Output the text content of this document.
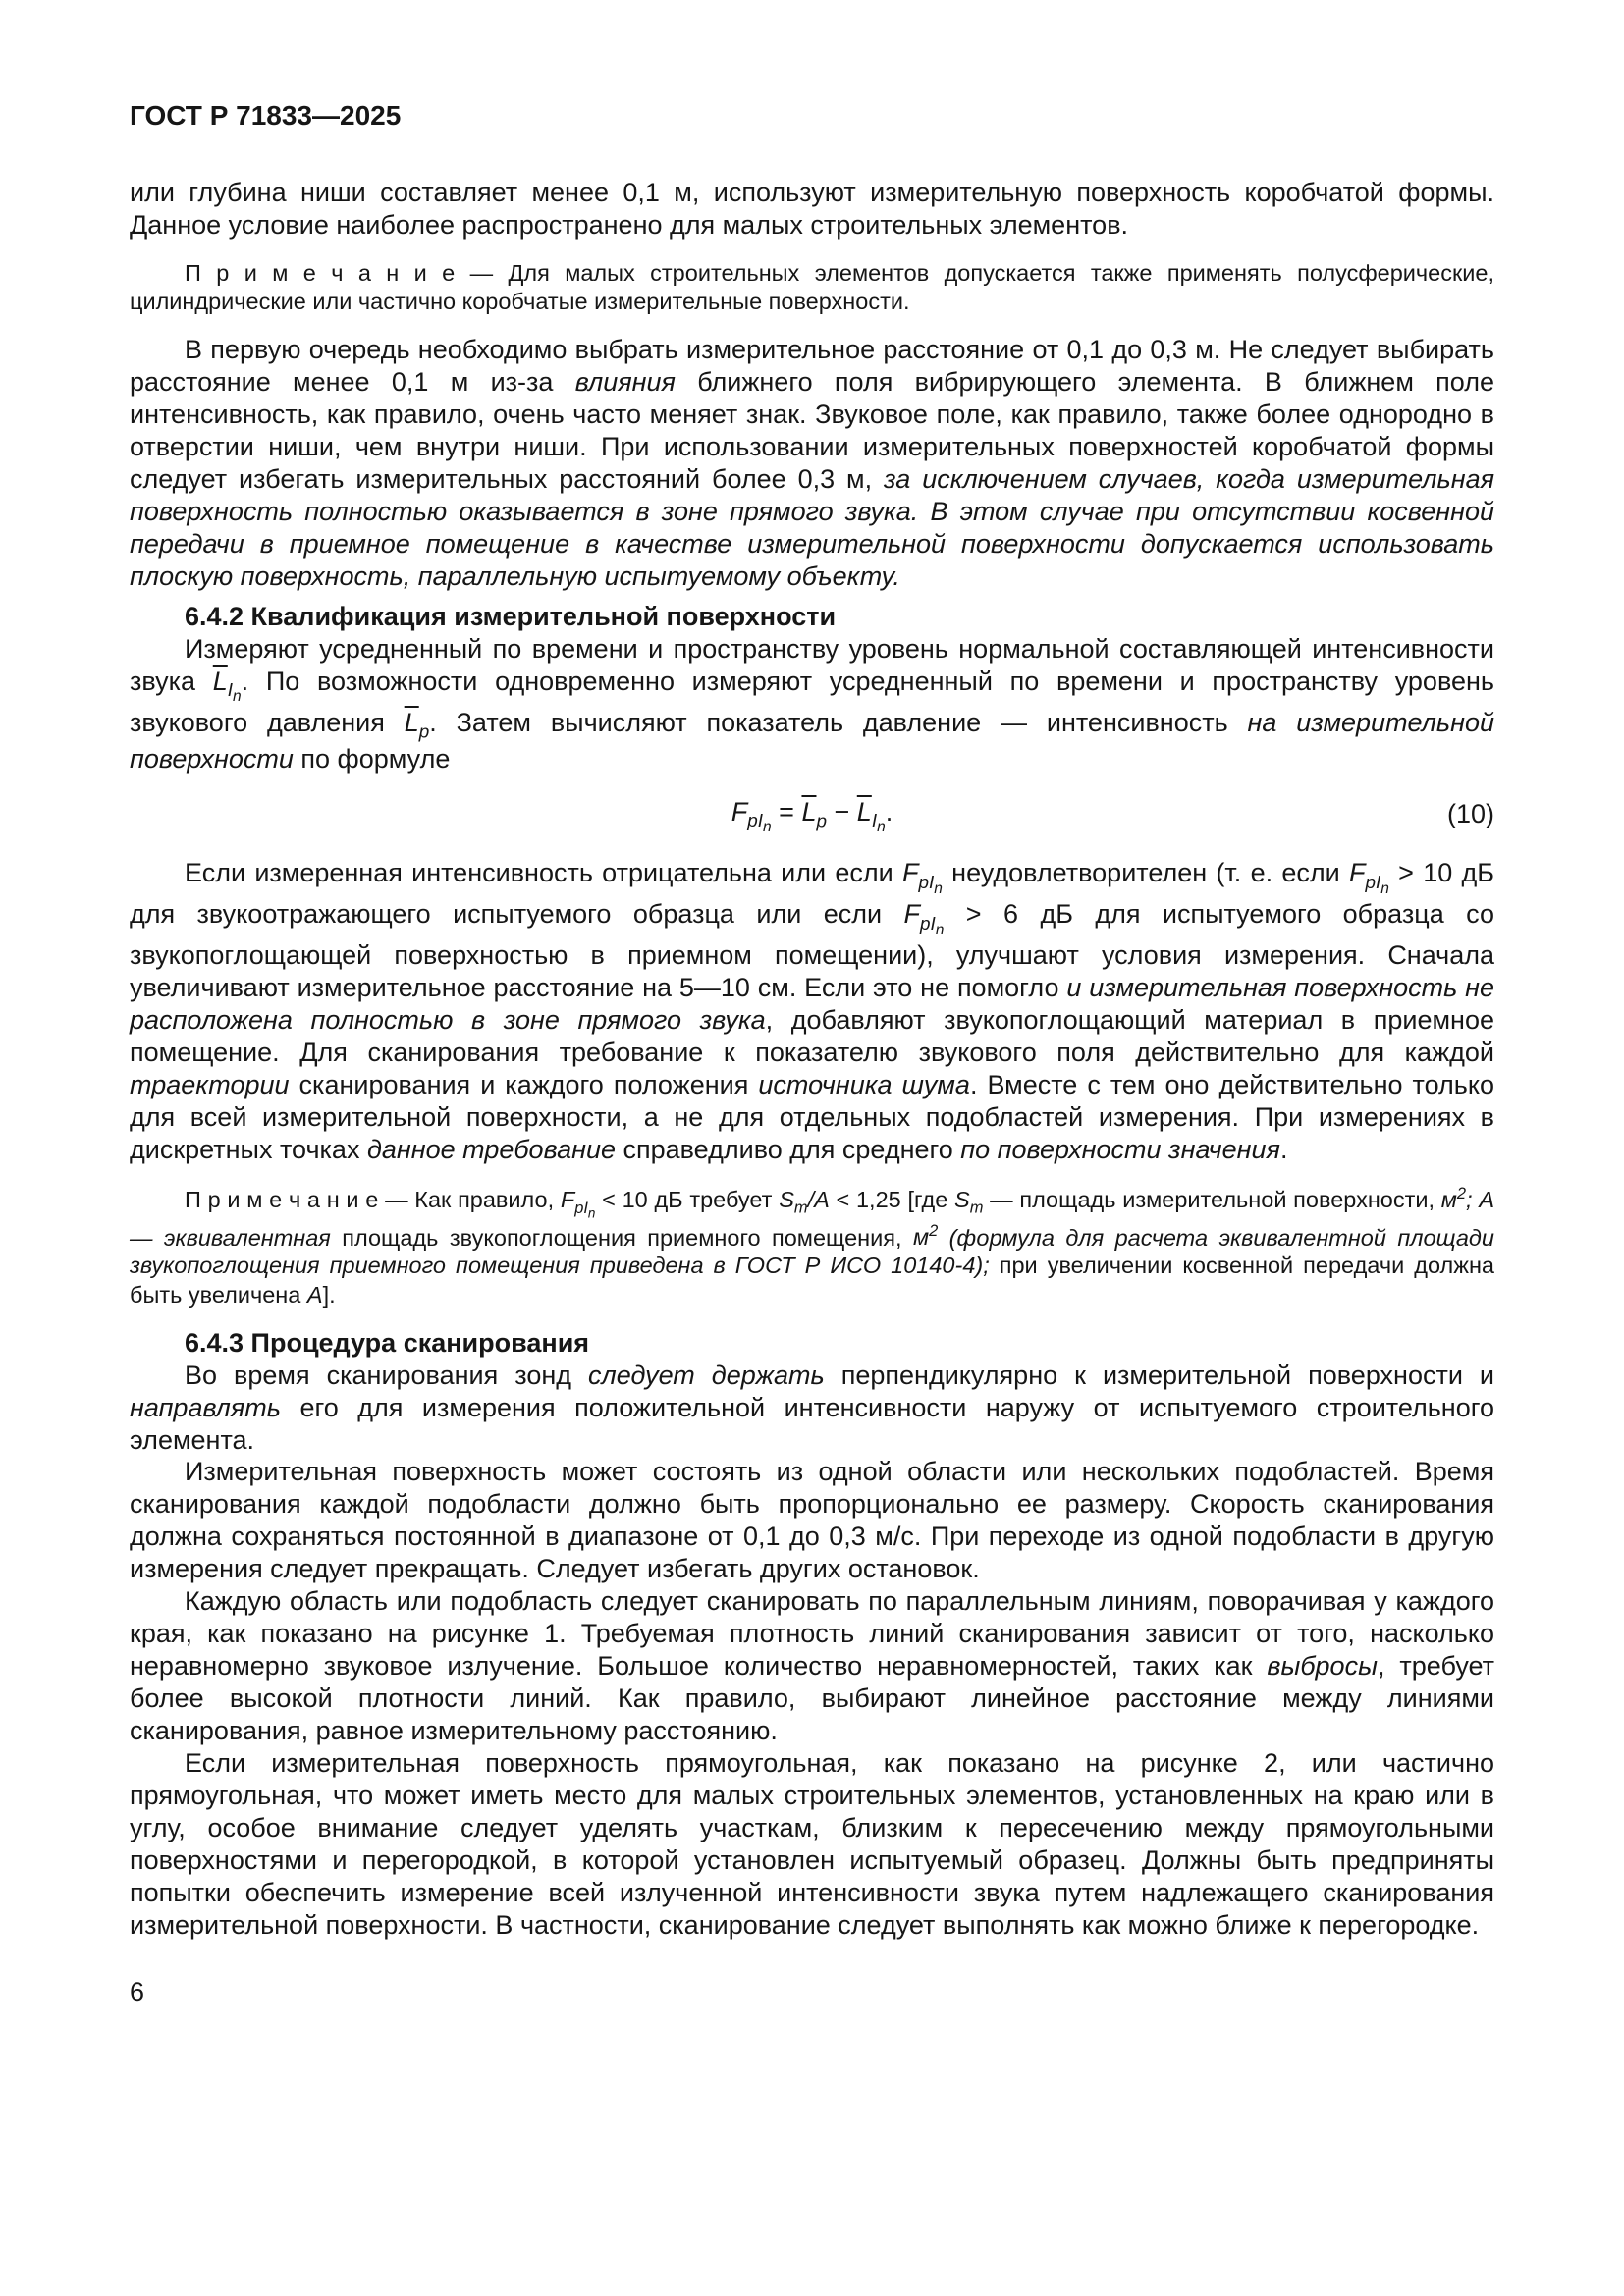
ГОСТ Р 71833—2025

или глубина ниши составляет менее 0,1 м, используют измерительную поверхность коробчатой формы. Данное условие наиболее распространено для малых строительных элементов.

П р и м е ч а н и е — Для малых строительных элементов допускается также применять полусферические, цилиндрические или частично коробчатые измерительные поверхности.

В первую очередь необходимо выбрать измерительное расстояние от 0,1 до 0,3 м. Не следует выбирать расстояние менее 0,1 м из-за влияния ближнего поля вибрирующего элемента. В ближнем поле интенсивность, как правило, очень часто меняет знак. Звуковое поле, как правило, также более однородно в отверстии ниши, чем внутри ниши. При использовании измерительных поверхностей коробчатой формы следует избегать измерительных расстояний более 0,3 м, за исключением случаев, когда измерительная поверхность полностью оказывается в зоне прямого звука. В этом случае при отсутствии косвенной передачи в приемное помещение в качестве измерительной поверхности допускается использовать плоскую поверхность, параллельную испытуемому объекту.

6.4.2 Квалификация измерительной поверхности

Измеряют усредненный по времени и пространству уровень нормальной составляющей интенсивности звука $\overline{L}_{I_n}$. По возможности одновременно измеряют усредненный по времени и пространству уровень звукового давления $\overline{L}_p$. Затем вычисляют показатель давление — интенсивность на измерительной поверхности по формуле

$F_{pI_n} = \overline{L}_p - \overline{L}_{I_n}$.	(10)

Если измеренная интенсивность отрицательна или если $F_{pI_n}$ неудовлетворителен (т. е. если $F_{pI_n} > 10$ дБ для звукоотражающего испытуемого образца или если $F_{pI_n} > 6$ дБ для испытуемого образца со звукопоглощающей поверхностью в приемном помещении), улучшают условия измерения. Сначала увеличивают измерительное расстояние на 5—10 см. Если это не помогло и измерительная поверхность не расположена полностью в зоне прямого звука, добавляют звукопоглощающий материал в приемное помещение. Для сканирования требование к показателю звукового поля действительно для каждой траектории сканирования и каждого положения источника шума. Вместе с тем оно действительно только для всей измерительной поверхности, а не для отдельных подобластей измерения. При измерениях в дискретных точках данное требование справедливо для среднего по поверхности значения.

П р и м е ч а н и е — Как правило, $F_{pI_n} < 10$ дБ требует $S_m/A < 1,25$ [где $S_m$ — площадь измерительной поверхности, $м^2$; А — эквивалентная площадь звукопоглощения приемного помещения, $м^2$ (формула для расчета эквивалентной площади звукопоглощения приемного помещения приведена в ГОСТ Р ИСО 10140-4); при увеличении косвенной передачи должна быть увеличена А].

6.4.3 Процедура сканирования

Во время сканирования зонд следует держать перпендикулярно к измерительной поверхности и направлять его для измерения положительной интенсивности наружу от испытуемого строительного элемента.

Измерительная поверхность может состоять из одной области или нескольких подобластей. Время сканирования каждой подобласти должно быть пропорционально ее размеру. Скорость сканирования должна сохраняться постоянной в диапазоне от 0,1 до 0,3 м/с. При переходе из одной подобласти в другую измерения следует прекращать. Следует избегать других остановок.

Каждую область или подобласть следует сканировать по параллельным линиям, поворачивая у каждого края, как показано на рисунке 1. Требуемая плотность линий сканирования зависит от того, насколько неравномерно звуковое излучение. Большое количество неравномерностей, таких как выбросы, требует более высокой плотности линий. Как правило, выбирают линейное расстояние между линиями сканирования, равное измерительному расстоянию.

Если измерительная поверхность прямоугольная, как показано на рисунке 2, или частично прямоугольная, что может иметь место для малых строительных элементов, установленных на краю или в углу, особое внимание следует уделять участкам, близким к пересечению между прямоугольными поверхностями и перегородкой, в которой установлен испытуемый образец. Должны быть предприняты попытки обеспечить измерение всей излученной интенсивности звука путем надлежащего сканирования измерительной поверхности. В частности, сканирование следует выполнять как можно ближе к перегородке.

6
